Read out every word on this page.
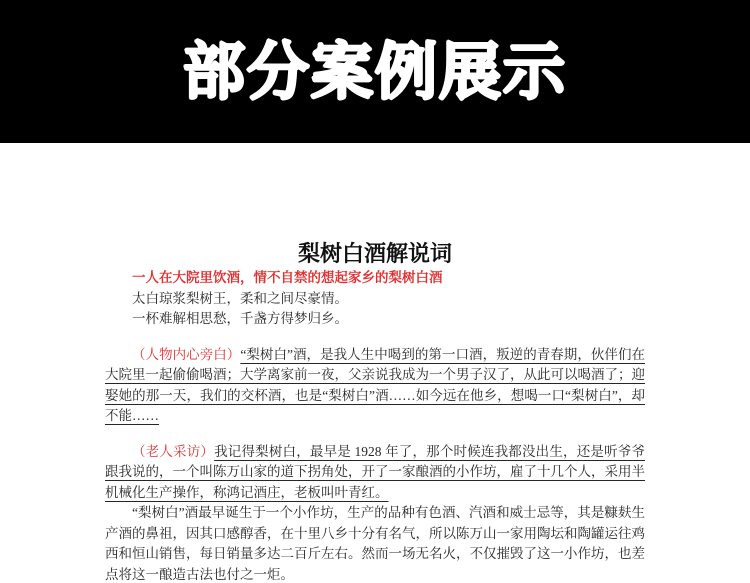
部分案例展示
梨树白酒解说词

一人在大院里饮酒，情不自禁的想起家乡的梨树白酒

太白琼浆梨树王，柔和之间尽豪情。

一杯难解相思愁，千盏方得梦归乡。

（人物内心旁白）“梨树白”酒，是我人生中喝到的第一口酒，叛逆的青春期，伙伴们在大院里一起偷偷喝酒；大学离家前一夜，父亲说我成为一个男子汉了，从此可以喝酒了；迎娶她的那一天，我们的交杯酒，也是“梨树白”酒……如今远在他乡，想喝一口“梨树白”，却不能……

（老人采访）我记得梨树白，最早是 1928 年了，那个时候连我都没出生，还是听爷爷跟我说的，一个叫陈万山家的道下拐角处，开了一家酿酒的小作坊，雇了十几个人，采用半机械化生产操作，称鸿记酒庄，老板叫叶青红。

“梨树白”酒最早诞生于一个小作坊，生产的品种有色酒、汽酒和威士忌等，其是糠麸生产酒的鼻祖，因其口感醇香，在十里八乡十分有名气，所以陈万山一家用陶坛和陶罐运往鸡西和恒山销售，每日销量多达二百斤左右。然而一场无名火，不仅摧毁了这一小作坊，也差点将这一酿造古法也付之一炬。
